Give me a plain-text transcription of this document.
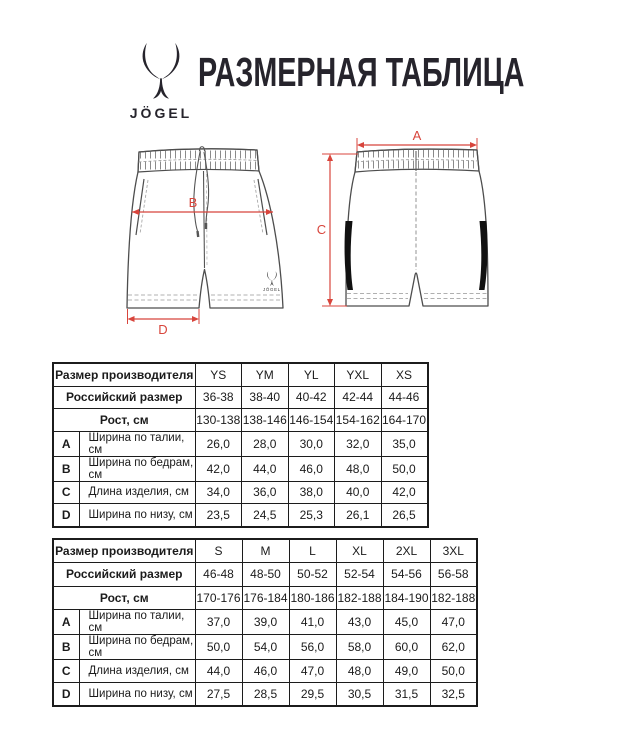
JÖGEL
РАЗМЕРНАЯ ТАБЛИЦА
JÖGEL
B
D
A
C
Размер производителя		YS	YM	YL	YXL	XS
Российский размер		36-38	38-40	40-42	42-44	44-46
Рост, см		130-138	138-146	146-154	154-162	164-170
A	Ширина по талии, см	26,0	28,0	30,0	32,0	35,0
B	Ширина по бедрам, см	42,0	44,0	46,0	48,0	50,0
C	Длина изделия, см	34,0	36,0	38,0	40,0	42,0
D	Ширина по низу, см	23,5	24,5	25,3	26,1	26,5
Размер производителя		S	M	L	XL	2XL	3XL
Российский размер		46-48	48-50	50-52	52-54	54-56	56-58
Рост, см		170-176	176-184	180-186	182-188	184-190	182-188
A	Ширина по талии, см	37,0	39,0	41,0	43,0	45,0	47,0
B	Ширина по бедрам, см	50,0	54,0	56,0	58,0	60,0	62,0
C	Длина изделия, см	44,0	46,0	47,0	48,0	49,0	50,0
D	Ширина по низу, см	27,5	28,5	29,5	30,5	31,5	32,5
